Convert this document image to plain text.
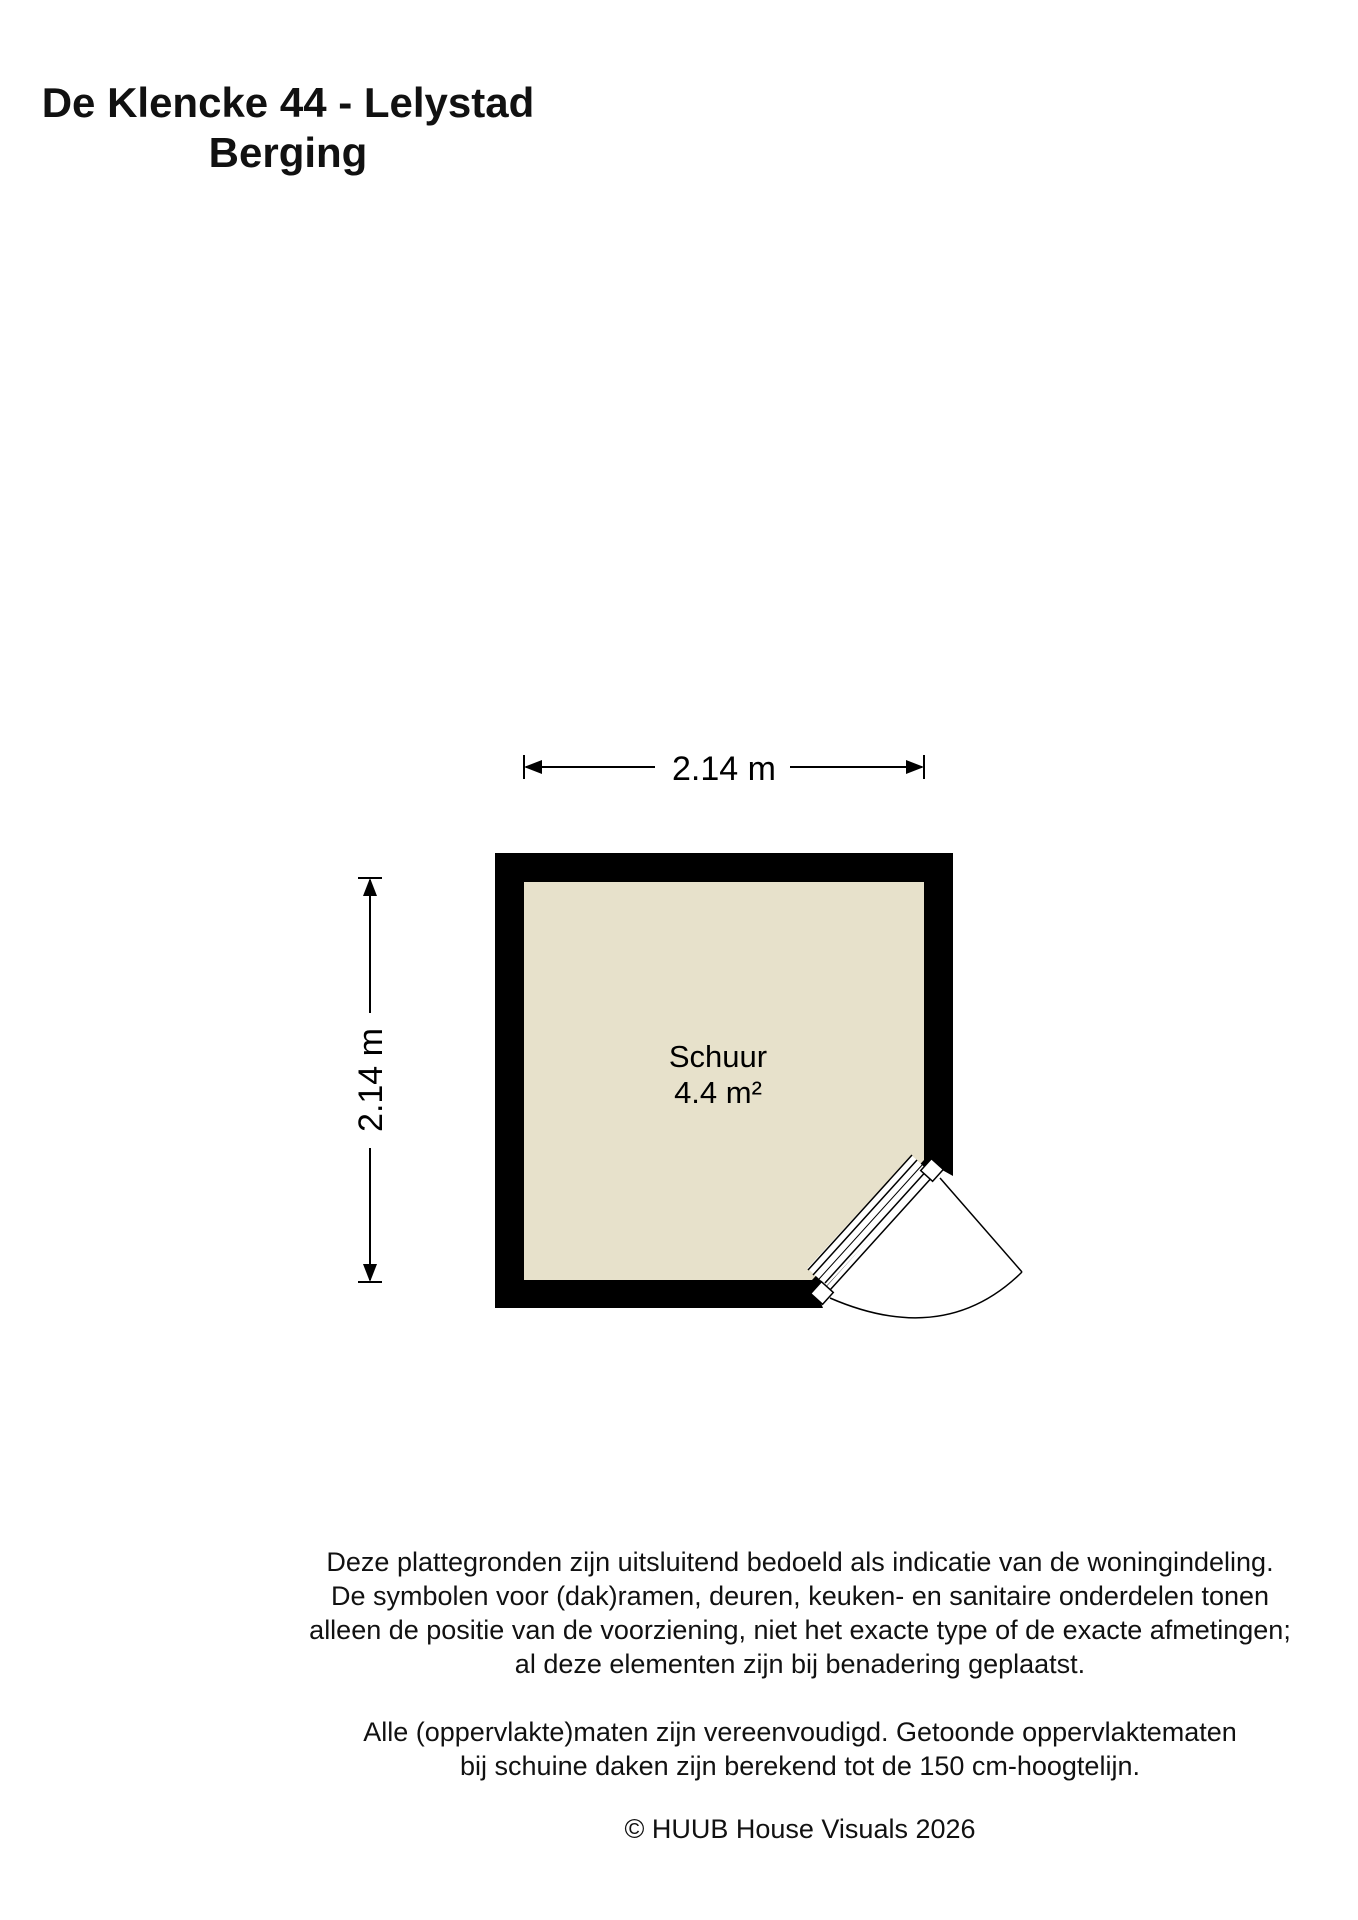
De Klencke 44 - Lelystad
Berging
2.14 m
2.14 m	Schuur
4.4 m²

Deze plattegronden zijn uitsluitend bedoeld als indicatie van de woningindeling.
De symbolen voor (dak)ramen, deuren, keuken- en sanitaire onderdelen tonen
alleen de positie van de voorziening, niet het exacte type of de exacte afmetingen;
al deze elementen zijn bij benadering geplaatst.

Alle (oppervlakte)maten zijn vereenvoudigd. Getoonde oppervlaktematen
bij schuine daken zijn berekend tot de 150 cm-hoogtelijn.

© HUUB House Visuals 2026
